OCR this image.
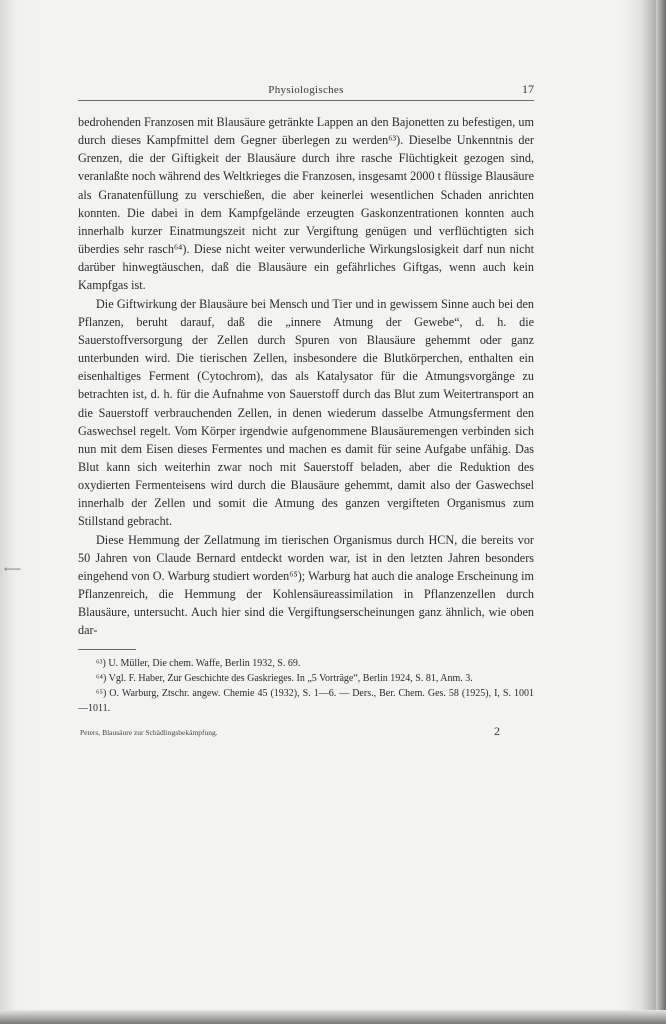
⟵
Physiologisches	17

bedrohenden Franzosen mit Blausäure getränkte Lappen an den Bajonetten zu befestigen, um durch dieses Kampfmittel dem Gegner überlegen zu werden⁶³). Dieselbe Unkenntnis der Grenzen, die der Giftigkeit der Blausäure durch ihre rasche Flüchtigkeit gezogen sind, veranlaßte noch während des Weltkrieges die Franzosen, insgesamt 2000 t flüssige Blausäure als Granatenfüllung zu verschießen, die aber keinerlei wesentlichen Schaden anrichten konnten. Die dabei in dem Kampfgelände erzeugten Gaskonzentrationen konnten auch innerhalb kurzer Einatmungszeit nicht zur Vergiftung genügen und verflüchtigten sich überdies sehr rasch⁶⁴). Diese nicht weiter verwunderliche Wirkungslosigkeit darf nun nicht darüber hinwegtäuschen, daß die Blausäure ein gefährliches Giftgas, wenn auch kein Kampfgas ist.

Die Giftwirkung der Blausäure bei Mensch und Tier und in gewissem Sinne auch bei den Pflanzen, beruht darauf, daß die „innere Atmung der Gewebe“, d. h. die Sauerstoffversorgung der Zellen durch Spuren von Blausäure gehemmt oder ganz unterbunden wird. Die tierischen Zellen, insbesondere die Blutkörperchen, enthalten ein eisenhaltiges Ferment (Cytochrom), das als Katalysator für die Atmungsvorgänge zu betrachten ist, d. h. für die Aufnahme von Sauerstoff durch das Blut zum Weitertransport an die Sauerstoff verbrauchenden Zellen, in denen wiederum dasselbe Atmungsferment den Gaswechsel regelt. Vom Körper irgendwie aufgenommene Blausäuremengen verbinden sich nun mit dem Eisen dieses Fermentes und machen es damit für seine Aufgabe unfähig. Das Blut kann sich weiterhin zwar noch mit Sauerstoff beladen, aber die Reduktion des oxydierten Fermenteisens wird durch die Blausäure gehemmt, damit also der Gaswechsel innerhalb der Zellen und somit die Atmung des ganzen vergifteten Organismus zum Stillstand gebracht.

Diese Hemmung der Zellatmung im tierischen Organismus durch HCN, die bereits vor 50 Jahren von Claude Bernard entdeckt worden war, ist in den letzten Jahren besonders eingehend von O. Warburg studiert worden⁶⁵); Warburg hat auch die analoge Erscheinung im Pflanzenreich, die Hemmung der Kohlensäureassimilation in Pflanzenzellen durch Blausäure, untersucht. Auch hier sind die Vergiftungserscheinungen ganz ähnlich, wie oben dar-

⁶³) U. Müller, Die chem. Waffe, Berlin 1932, S. 69.

⁶⁴) Vgl. F. Haber, Zur Geschichte des Gaskrieges. In „5 Vorträge“, Berlin 1924, S. 81, Anm. 3.

⁶⁵) O. Warburg, Ztschr. angew. Chemie 45 (1932), S. 1—6. — Ders., Ber. Chem. Ges. 58 (1925), I, S. 1001—1011.

Peters, Blausäure zur Schädlingsbekämpfung.	2
